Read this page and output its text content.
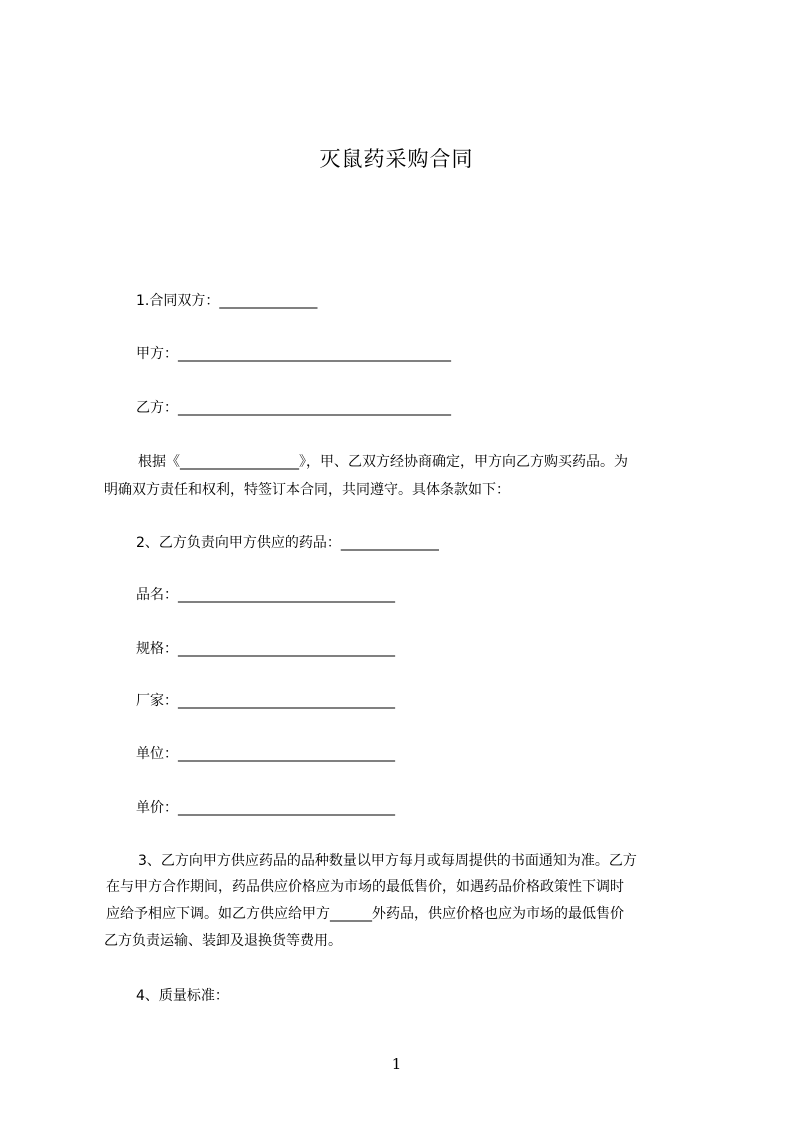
灭鼠药采购合同

1.合同双方：______________

甲方：_______________________________________

乙方：_______________________________________

根据《_________________》，甲、乙双方经协商确定，甲方向乙方购买药品。为

明确双方责任和权利，特签订本合同，共同遵守。具体条款如下：

2、乙方负责向甲方供应的药品：______________

品名：_______________________________

规格：_______________________________

厂家：_______________________________

单位：_______________________________

单价：_______________________________

3、乙方向甲方供应药品的品种数量以甲方每月或每周提供的书面通知为准。乙方

在与甲方合作期间，药品供应价格应为市场的最低售价，如遇药品价格政策性下调时

应给予相应下调。如乙方供应给甲方______外药品，供应价格也应为市场的最低售价

乙方负责运输、装卸及退换货等费用。

4、质量标准：

1
